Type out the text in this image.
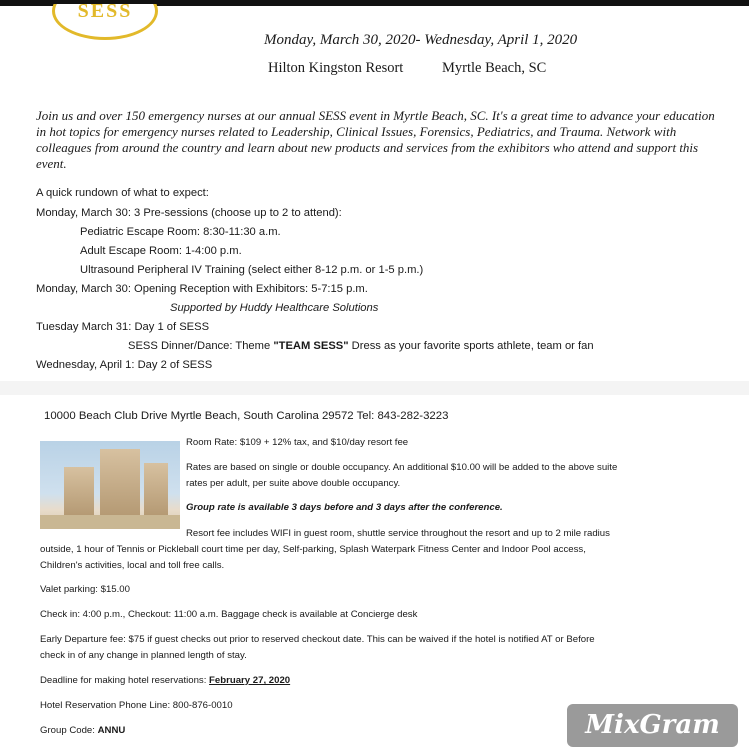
SESS
Monday, March 30, 2020- Wednesday, April 1, 2020
Hilton Kingston Resort	Myrtle Beach, SC
Join us and over 150 emergency nurses at our annual SESS event in Myrtle Beach, SC. It's a great time to advance your education in hot topics for emergency nurses related to Leadership, Clinical Issues, Forensics, Pediatrics, and Trauma. Network with colleagues from around the country and learn about new products and services from the exhibitors who attend and support this event.
A quick rundown of what to expect:
Monday, March 30: 3 Pre-sessions (choose up to 2 to attend):
Pediatric Escape Room: 8:30-11:30 a.m.
Adult Escape Room: 1-4:00 p.m.
Ultrasound Peripheral IV Training (select either 8-12 p.m. or 1-5 p.m.)
Monday, March 30: Opening Reception with Exhibitors: 5-7:15 p.m.
Supported by Huddy Healthcare Solutions
Tuesday March 31: Day 1 of SESS
SESS Dinner/Dance: Theme "TEAM SESS" Dress as your favorite sports athlete, team or fan
Wednesday, April 1: Day 2 of SESS
10000 Beach Club Drive Myrtle Beach, South Carolina 29572 Tel: 843-282-3223
Room Rate: $109 + 12% tax, and $10/day resort fee
Rates are based on single or double occupancy. An additional $10.00 will be added to the above suite
rates per adult, per suite above double occupancy.
Group rate is available 3 days before and 3 days after the conference.
Resort fee includes WIFI in guest room, shuttle service throughout the resort and up to 2 mile radius
outside, 1 hour of Tennis or Pickleball court time per day, Self-parking, Splash Waterpark Fitness Center and Indoor Pool access,
Children's activities, local and toll free calls.
Valet parking: $15.00
Check in: 4:00 p.m., Checkout: 11:00 a.m. Baggage check is available at Concierge desk
Early Departure fee: $75 if guest checks out prior to reserved checkout date. This can be waived if the hotel is notified AT or Before
check in of any change in planned length of stay.
Deadline for making hotel reservations: February 27, 2020
Hotel Reservation Phone Line: 800-876-0010
Group Code: ANNU	MixGram
